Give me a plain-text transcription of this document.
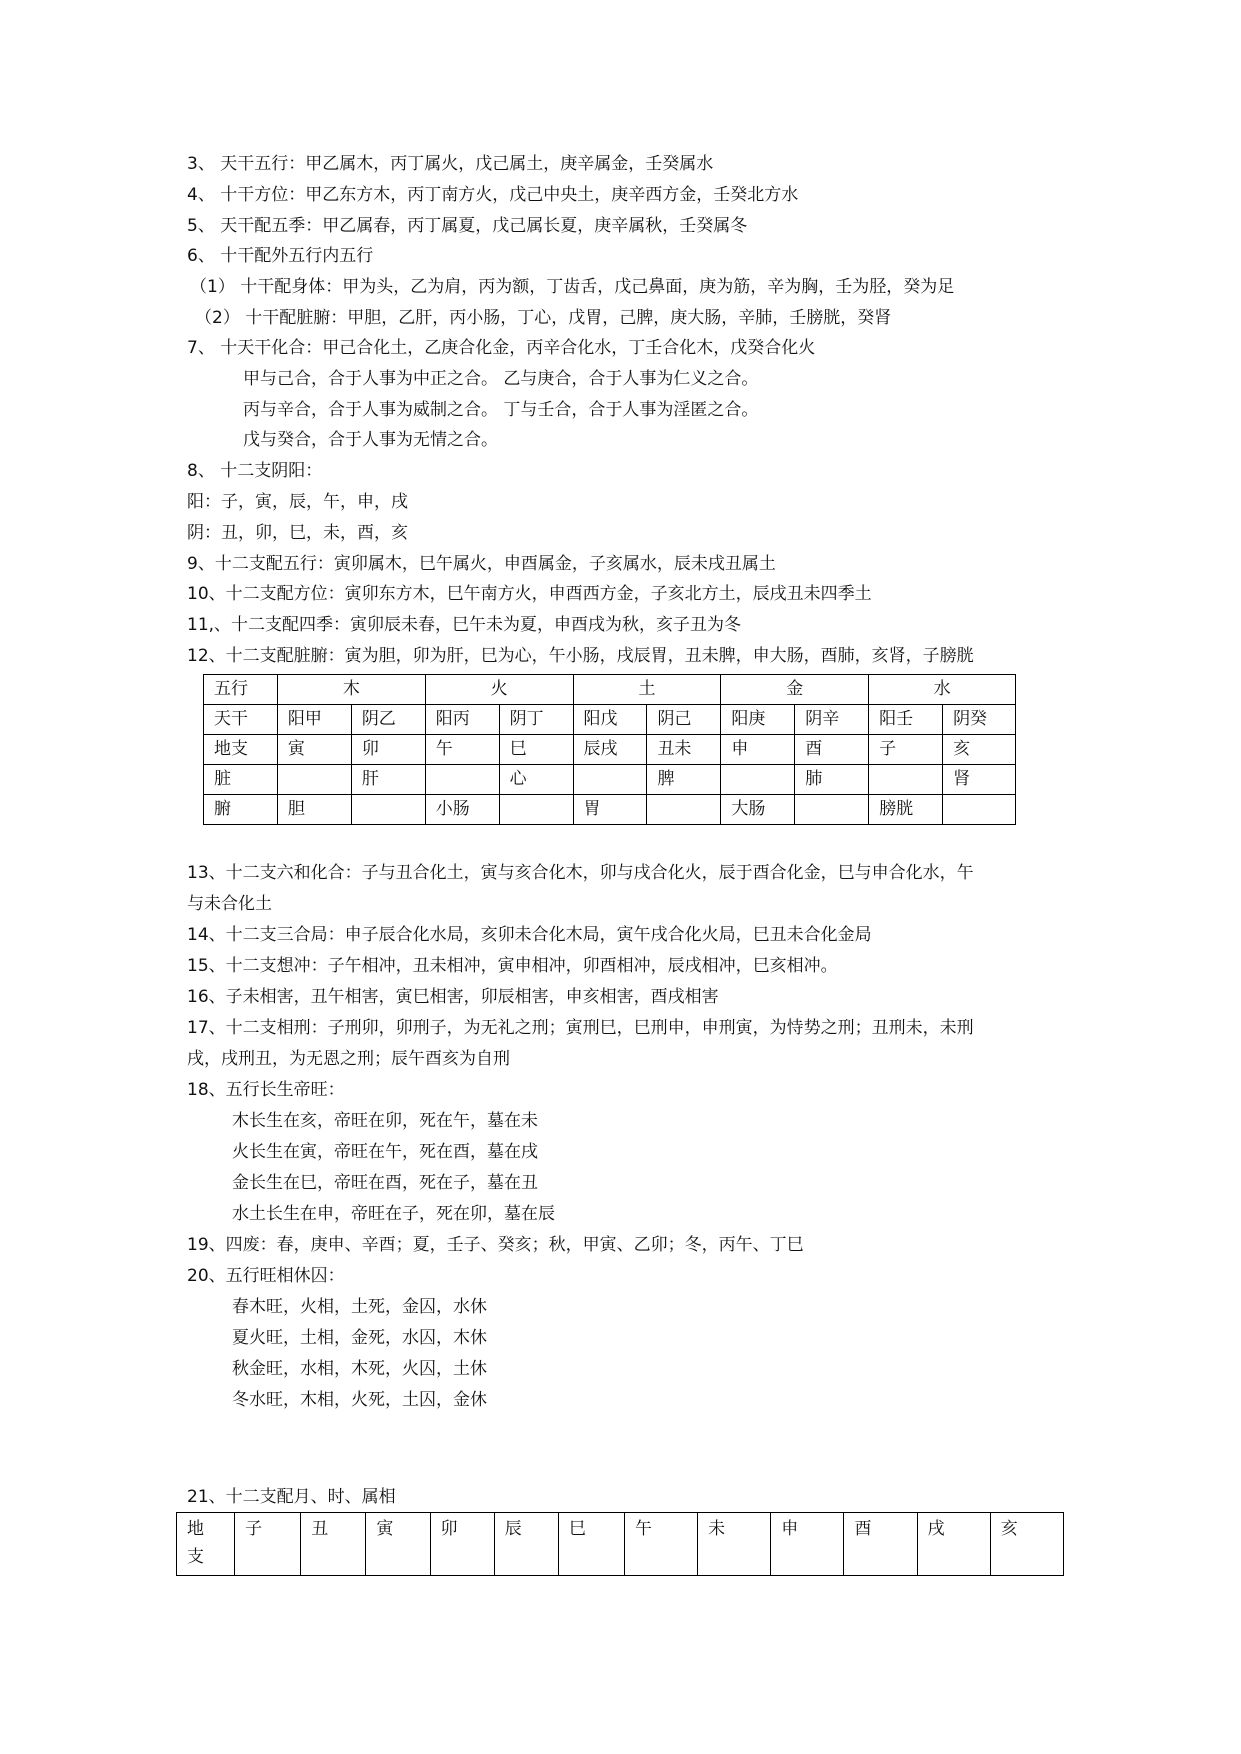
3、 天干五行：甲乙属木，丙丁属火，戊己属土，庚辛属金，壬癸属水
4、 十干方位：甲乙东方木，丙丁南方火，戊己中央土，庚辛西方金，壬癸北方水
5、 天干配五季：甲乙属春，丙丁属夏，戊己属长夏，庚辛属秋，壬癸属冬
6、 十干配外五行内五行
（1） 十干配身体：甲为头，乙为肩，丙为额，丁齿舌，戊己鼻面，庚为筋，辛为胸，壬为胫，癸为足
（2） 十干配脏腑：甲胆，乙肝，丙小肠，丁心，戊胃，己脾，庚大肠，辛肺，壬膀胱，癸肾
7、 十天干化合：甲己合化土，乙庚合化金，丙辛合化水，丁壬合化木，戊癸合化火
甲与己合，合于人事为中正之合。 乙与庚合，合于人事为仁义之合。
丙与辛合，合于人事为威制之合。 丁与壬合，合于人事为淫匿之合。
戊与癸合，合于人事为无情之合。
8、 十二支阴阳：
阳：子，寅，辰，午，申，戌
阴：丑，卯，巳，未，酉，亥
9、十二支配五行：寅卯属木，巳午属火，申酉属金，子亥属水，辰未戌丑属土
10、十二支配方位：寅卯东方木，巳午南方火，申酉西方金，子亥北方土，辰戌丑未四季土
11,、十二支配四季：寅卯辰未春，巳午未为夏，申酉戌为秋，亥子丑为冬
12、十二支配脏腑：寅为胆，卯为肝，巳为心，午小肠，戌辰胃，丑未脾，申大肠，酉肺，亥肾，子膀胱
五行	木		火		土		金		水	
天干	阳甲	阴乙	阳丙	阴丁	阳戊	阴己	阳庚	阴辛	阳壬	阴癸
地支	寅	卯	午	巳	辰戌	丑未	申	酉	子	亥
脏		肝		心		脾		肺		肾
腑	胆		小肠		胃		大肠		膀胱	
13、十二支六和化合：子与丑合化土，寅与亥合化木，卯与戌合化火，辰于酉合化金，巳与申合化水，午
与未合化土
14、十二支三合局：申子辰合化水局，亥卯未合化木局，寅午戌合化火局，巳丑未合化金局
15、十二支想冲：子午相冲，丑未相冲，寅申相冲，卯酉相冲，辰戌相冲，巳亥相冲。
16、子未相害，丑午相害，寅巳相害，卯辰相害，申亥相害，酉戌相害
17、十二支相刑：子刑卯，卯刑子，为无礼之刑；寅刑巳，巳刑申，申刑寅，为恃势之刑；丑刑未，未刑
戌，戌刑丑，为无恩之刑；辰午酉亥为自刑
18、五行长生帝旺：
木长生在亥，帝旺在卯，死在午，墓在未
火长生在寅，帝旺在午，死在酉，墓在戌
金长生在巳，帝旺在酉，死在子，墓在丑
水土长生在申，帝旺在子，死在卯，墓在辰
19、四废：春，庚申、辛酉；夏，壬子、癸亥；秋，甲寅、乙卯；冬，丙午、丁巳
20、五行旺相休囚：
春木旺，火相，土死，金囚，水休
夏火旺，土相，金死，水囚，木休
秋金旺，水相，木死，火囚，土休
冬水旺，木相，火死，土囚，金休
21、十二支配月、时、属相
地
支
	子	丑	寅	卯	辰	巳	午	未	申	酉	戌	亥
